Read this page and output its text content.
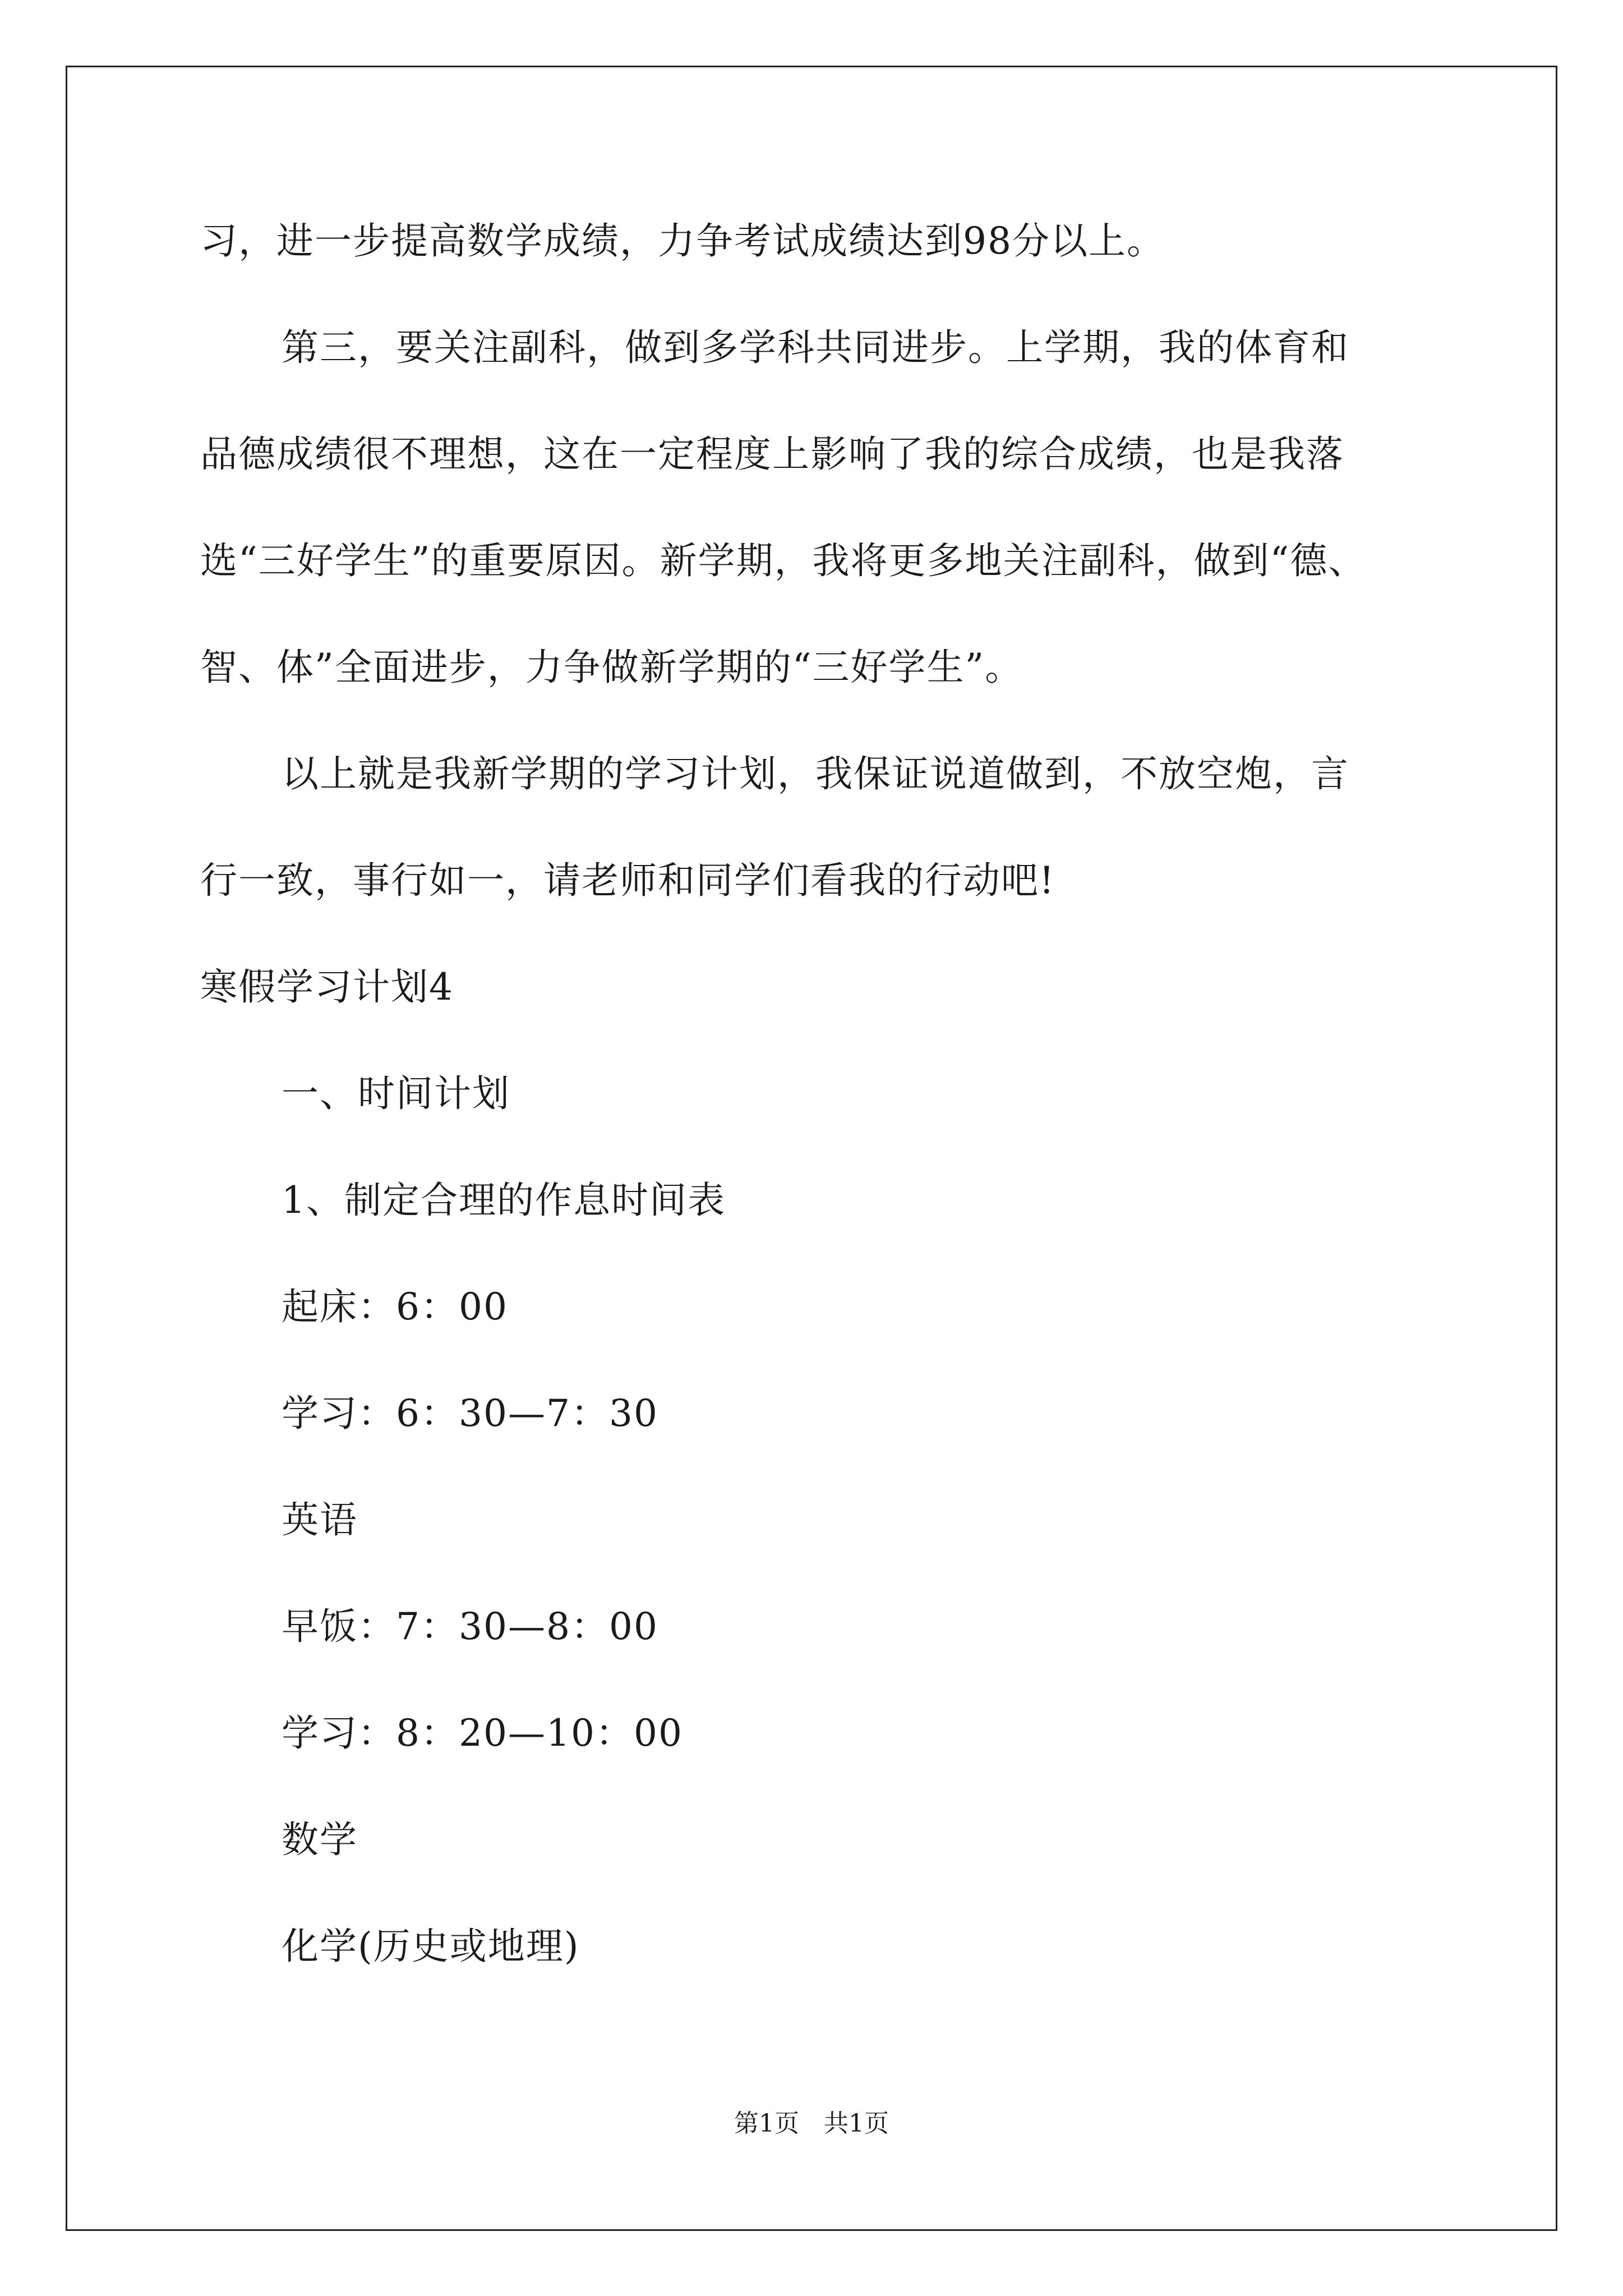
习，进一步提高数学成绩，力争考试成绩达到98分以上。
第三，要关注副科，做到多学科共同进步。上学期，我的体育和
品德成绩很不理想，这在一定程度上影响了我的综合成绩，也是我落
选“三好学生”的重要原因。新学期，我将更多地关注副科，做到“德、
智、体”全面进步，力争做新学期的“三好学生”。
以上就是我新学期的学习计划，我保证说道做到，不放空炮，言
行一致，事行如一，请老师和同学们看我的行动吧!
寒假学习计划4
一、时间计划
1、制定合理的作息时间表
起床：6：00
学习：6：30—7：30
英语
早饭：7：30—8：00
学习：8：20—10：00
数学
化学(历史或地理)
第1页　共1页
